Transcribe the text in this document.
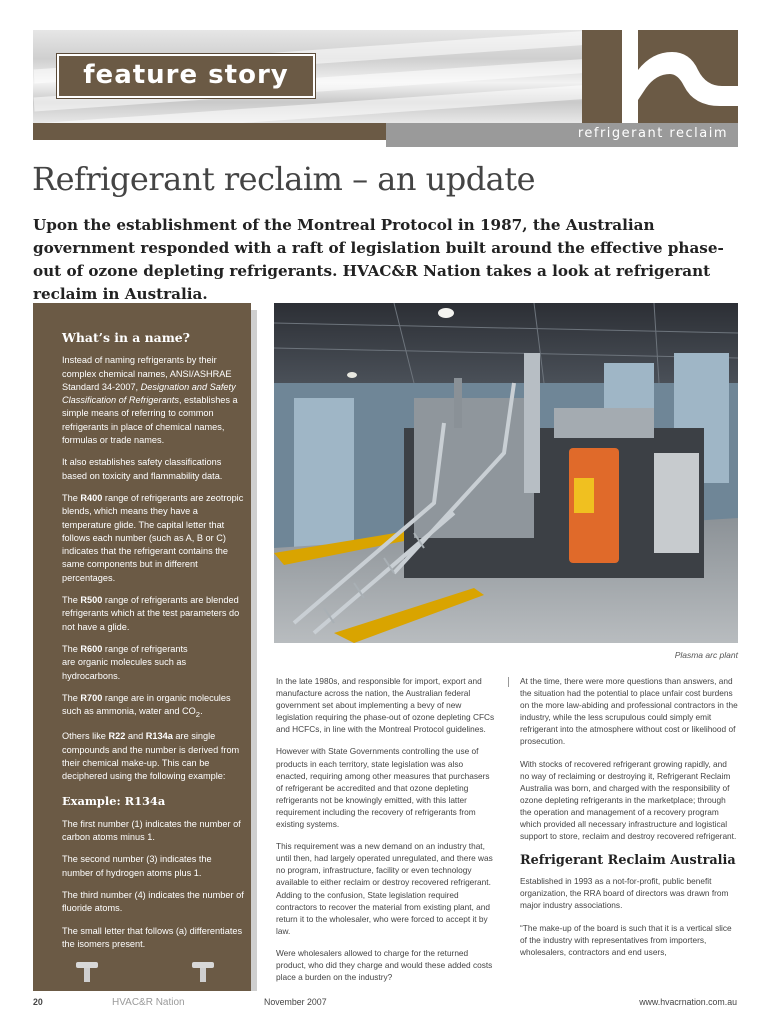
feature story
refrigerant reclaim
Refrigerant reclaim – an update

Upon the establishment of the Montreal Protocol in 1987, the Australian government responded with a raft of legislation built around the effective phase-out of ozone depleting refrigerants. HVAC&R Nation takes a look at refrigerant reclaim in Australia.

What’s in a name?

Instead of naming refrigerants by their complex chemical names, ANSI/ASHRAE Standard 34-2007, Designation and Safety Classification of Refrigerants, establishes a simple means of referring to common refrigerants in place of chemical names, formulas or trade names.

It also establishes safety classifications based on toxicity and flammability data.

The R400 range of refrigerants are zeotropic blends, which means they have a temperature glide. The capital letter that follows each number (such as A, B or C) indicates that the refrigerant contains the same components but in different percentages.

The R500 range of refrigerants are blended refrigerants which at the test parameters do not have a glide.

The R600 range of refrigerants are organic molecules such as hydrocarbons.

The R700 range are in organic molecules such as ammonia, water and $CO_2$.

Others like R22 and R134a are single compounds and the number is derived from their chemical make-up. This can be deciphered using the following example:

Example: R134a

The first number (1) indicates the number of carbon atoms minus 1.

The second number (3) indicates the number of hydrogen atoms plus 1.

The third number (4) indicates the number of fluoride atoms.

The small letter that follows (a) differentiates the isomers present.

Plasma arc plant

In the late 1980s, and responsible for import, export and manufacture across the nation, the Australian federal government set about implementing a bevy of new legislation requiring the phase-out of ozone depleting CFCs and HCFCs, in line with the Montreal Protocol guidelines.

However with State Governments controlling the use of products in each territory, state legislation was also enacted, requiring among other measures that purchasers of refrigerant be accredited and that ozone depleting refrigerants not be knowingly emitted, with this latter requirement including the recovery of refrigerants from existing systems.

This requirement was a new demand on an industry that, until then, had largely operated unregulated, and there was no program, infrastructure, facility or even technology available to either reclaim or destroy recovered refrigerant. Adding to the confusion, State legislation required contractors to recover the material from existing plant, and return it to the wholesaler, who were forced to accept it by law.

Were wholesalers allowed to charge for the returned product, who did they charge and would these added costs place a burden on the industry?

At the time, there were more questions than answers, and the situation had the potential to place unfair cost burdens on the more law-abiding and professional contractors in the industry, while the less scrupulous could simply emit refrigerant into the atmosphere without cost or likelihood of prosecution.

With stocks of recovered refrigerant growing rapidly, and no way of reclaiming or destroying it, Refrigerant Reclaim Australia was born, and charged with the responsibility of ozone depleting refrigerants in the marketplace; through the operation and management of a recovery program which provided all necessary infrastructure and logistical support to store, reclaim and destroy recovered refrigerant.

Refrigerant Reclaim Australia

Established in 1993 as a not-for-profit, public benefit organization, the RRA board of directors was drawn from major industry associations.

“The make-up of the board is such that it is a vertical slice of the industry with representatives from importers, wholesalers, contractors and end users,

20	HVAC&R Nation	November 2007	www.hvacrnation.com.au
